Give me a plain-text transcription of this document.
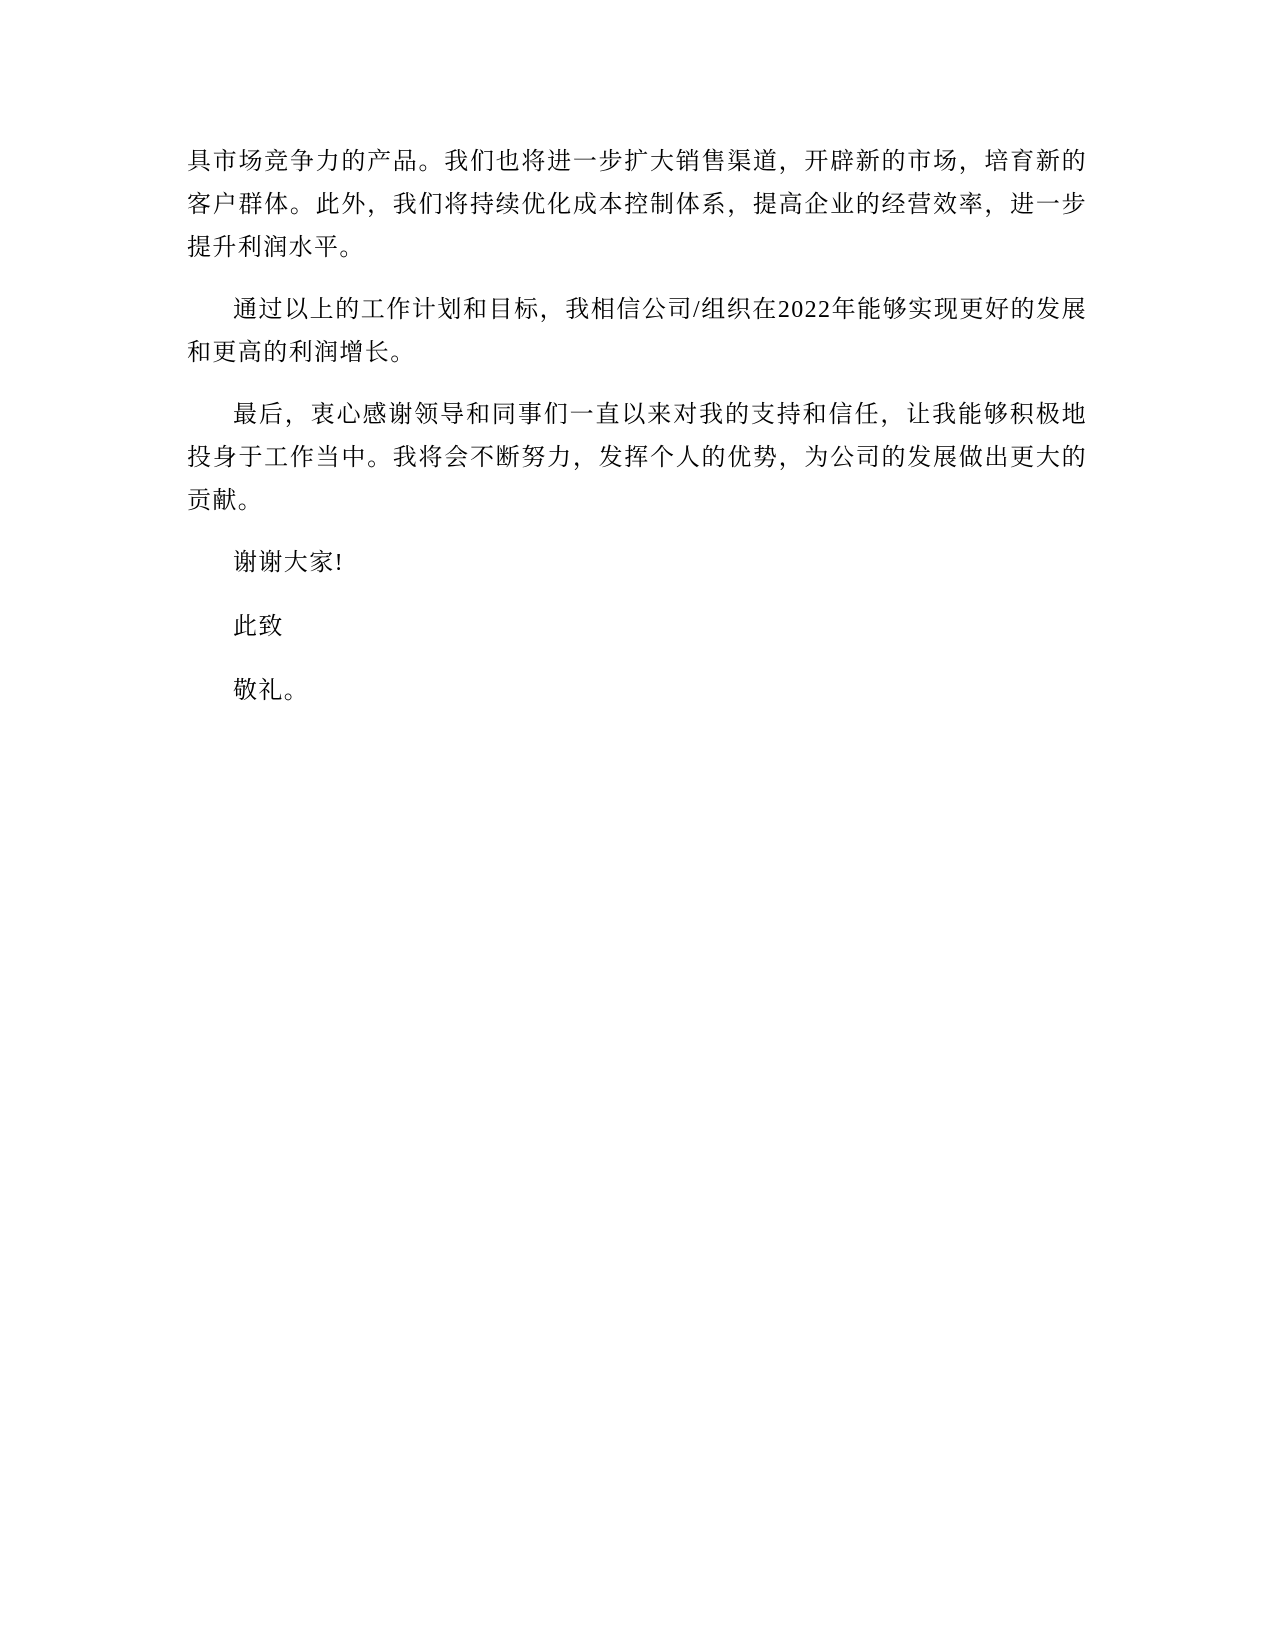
具市场竞争力的产品。我们也将进一步扩大销售渠道，开辟新的市场，培育新的客户群体。此外，我们将持续优化成本控制体系，提高企业的经营效率，进一步提升利润水平。

通过以上的工作计划和目标，我相信公司/组织在2022年能够实现更好的发展和更高的利润增长。

最后，衷心感谢领导和同事们一直以来对我的支持和信任，让我能够积极地投身于工作当中。我将会不断努力，发挥个人的优势，为公司的发展做出更大的贡献。

谢谢大家!

此致

敬礼。
